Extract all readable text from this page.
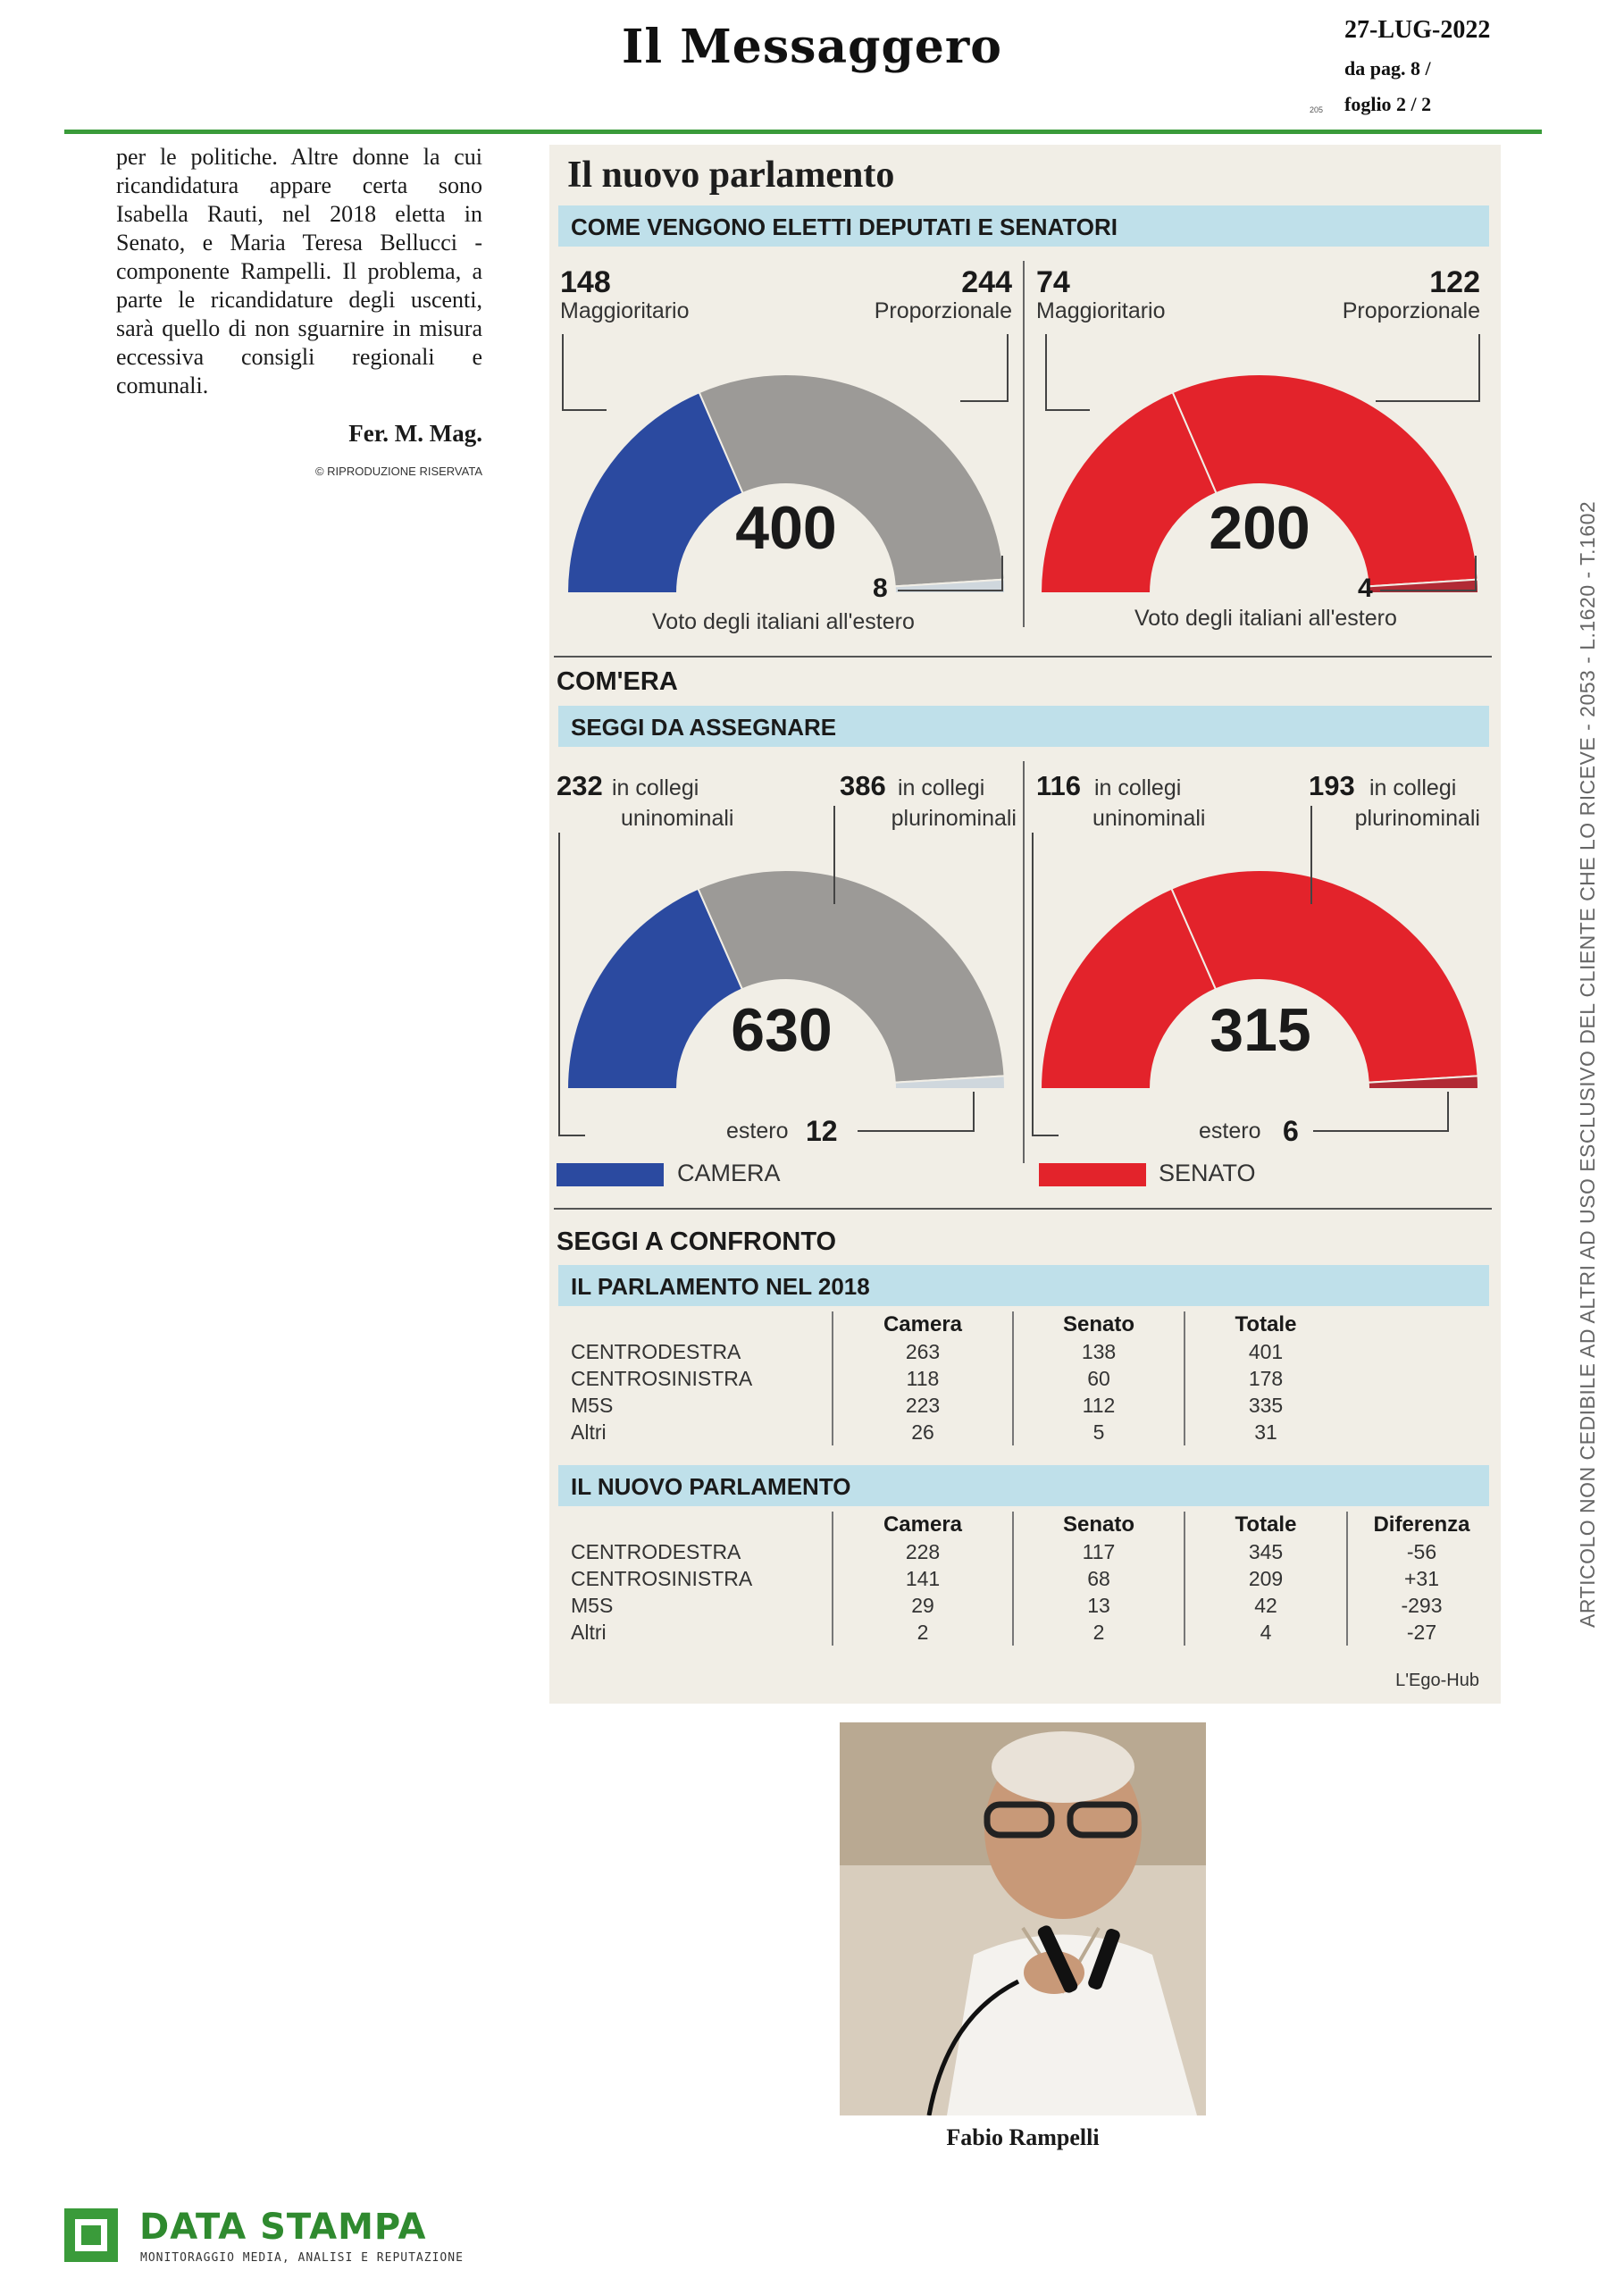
Il Messaggero	27-LUG-2022
da pag. 8 /
foglio 2 / 2
205
per le politiche. Altre donne la cui ricandidatura appare certa sono Isabella Rauti, nel 2018 eletta in Senato, e Maria Teresa Bellucci - componente Rampelli. Il problema, a parte le ricandidature degli uscenti, sarà quello di non sguarnire in misura eccessiva consigli regionali e comunali.
Fer. M. Mag.
© RIPRODUZIONE RISERVATA
Il nuovo parlamento
COME VENGONO ELETTI DEPUTATI E SENATORI
148
Maggioritario
244
Proporzionale
400
8
Voto degli italiani all'estero
74
Maggioritario
122
Proporzionale
200
4
Voto degli italiani all'estero
COM'ERA
SEGGI DA ASSEGNARE
232 in collegi
uninominali
386 in collegi
plurinominali
630
estero 12
116 in collegi
uninominali
193 in collegi
plurinominali
315
estero 6
CAMERA	SENATO
SEGGI A CONFRONTO
IL PARLAMENTO NEL 2018
	Camera	Senato	Totale
CENTRODESTRA	263	138	401
CENTROSINISTRA	118	60	178
M5S	223	112	335
Altri	26	5	31
IL NUOVO PARLAMENTO
	Camera	Senato	Totale	Diferenza
CENTRODESTRA	228	117	345	-56
CENTROSINISTRA	141	68	209	+31
M5S	29	13	42	-293
Altri	2	2	4	-27
L'Ego-Hub
Fabio Rampelli
ARTICOLO NON CEDIBILE AD ALTRI AD USO ESCLUSIVO DEL CLIENTE CHE LO RICEVE - 2053 - L.1620 - T.1602
DATA STAMPA
MONITORAGGIO MEDIA, ANALISI E REPUTAZIONE
